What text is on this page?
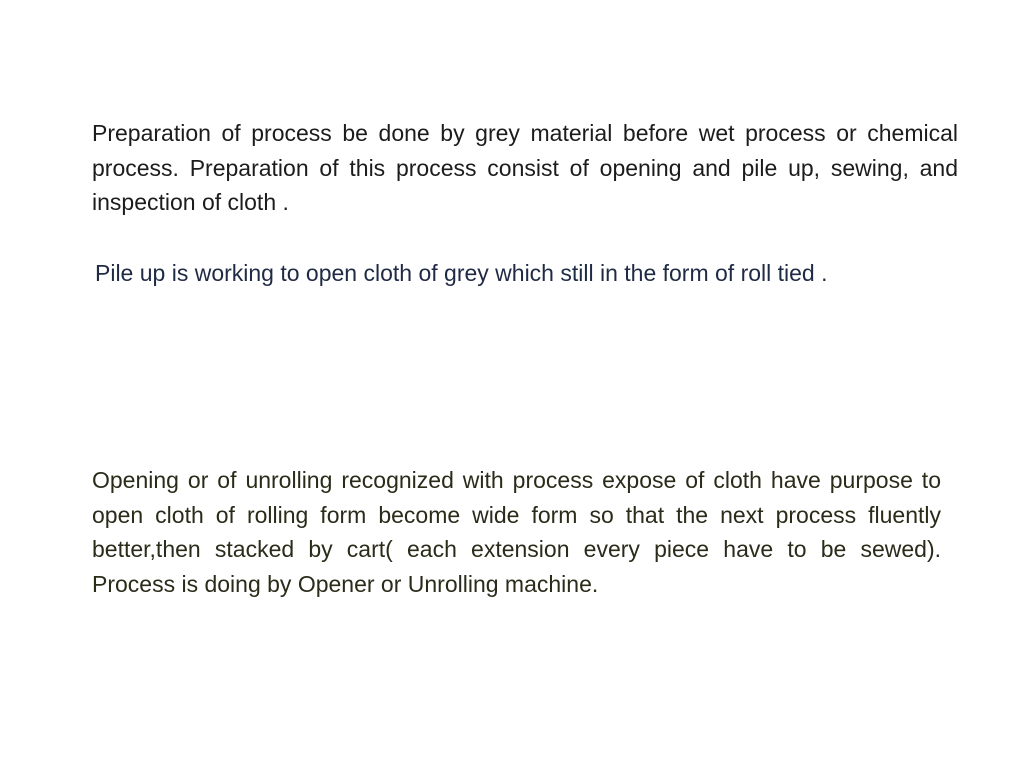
Preparation of process be done by grey material before wet process or chemical process. Preparation of this process consist of opening and pile up, sewing, and inspection of cloth .

Pile up is working to open cloth of grey which still in the form of roll tied .

Opening or of unrolling recognized with process expose of cloth have purpose to open cloth of rolling form become wide form so that the next process fluently better,then stacked by cart( each extension every piece have to be sewed). Process is doing by Opener or Unrolling machine.
